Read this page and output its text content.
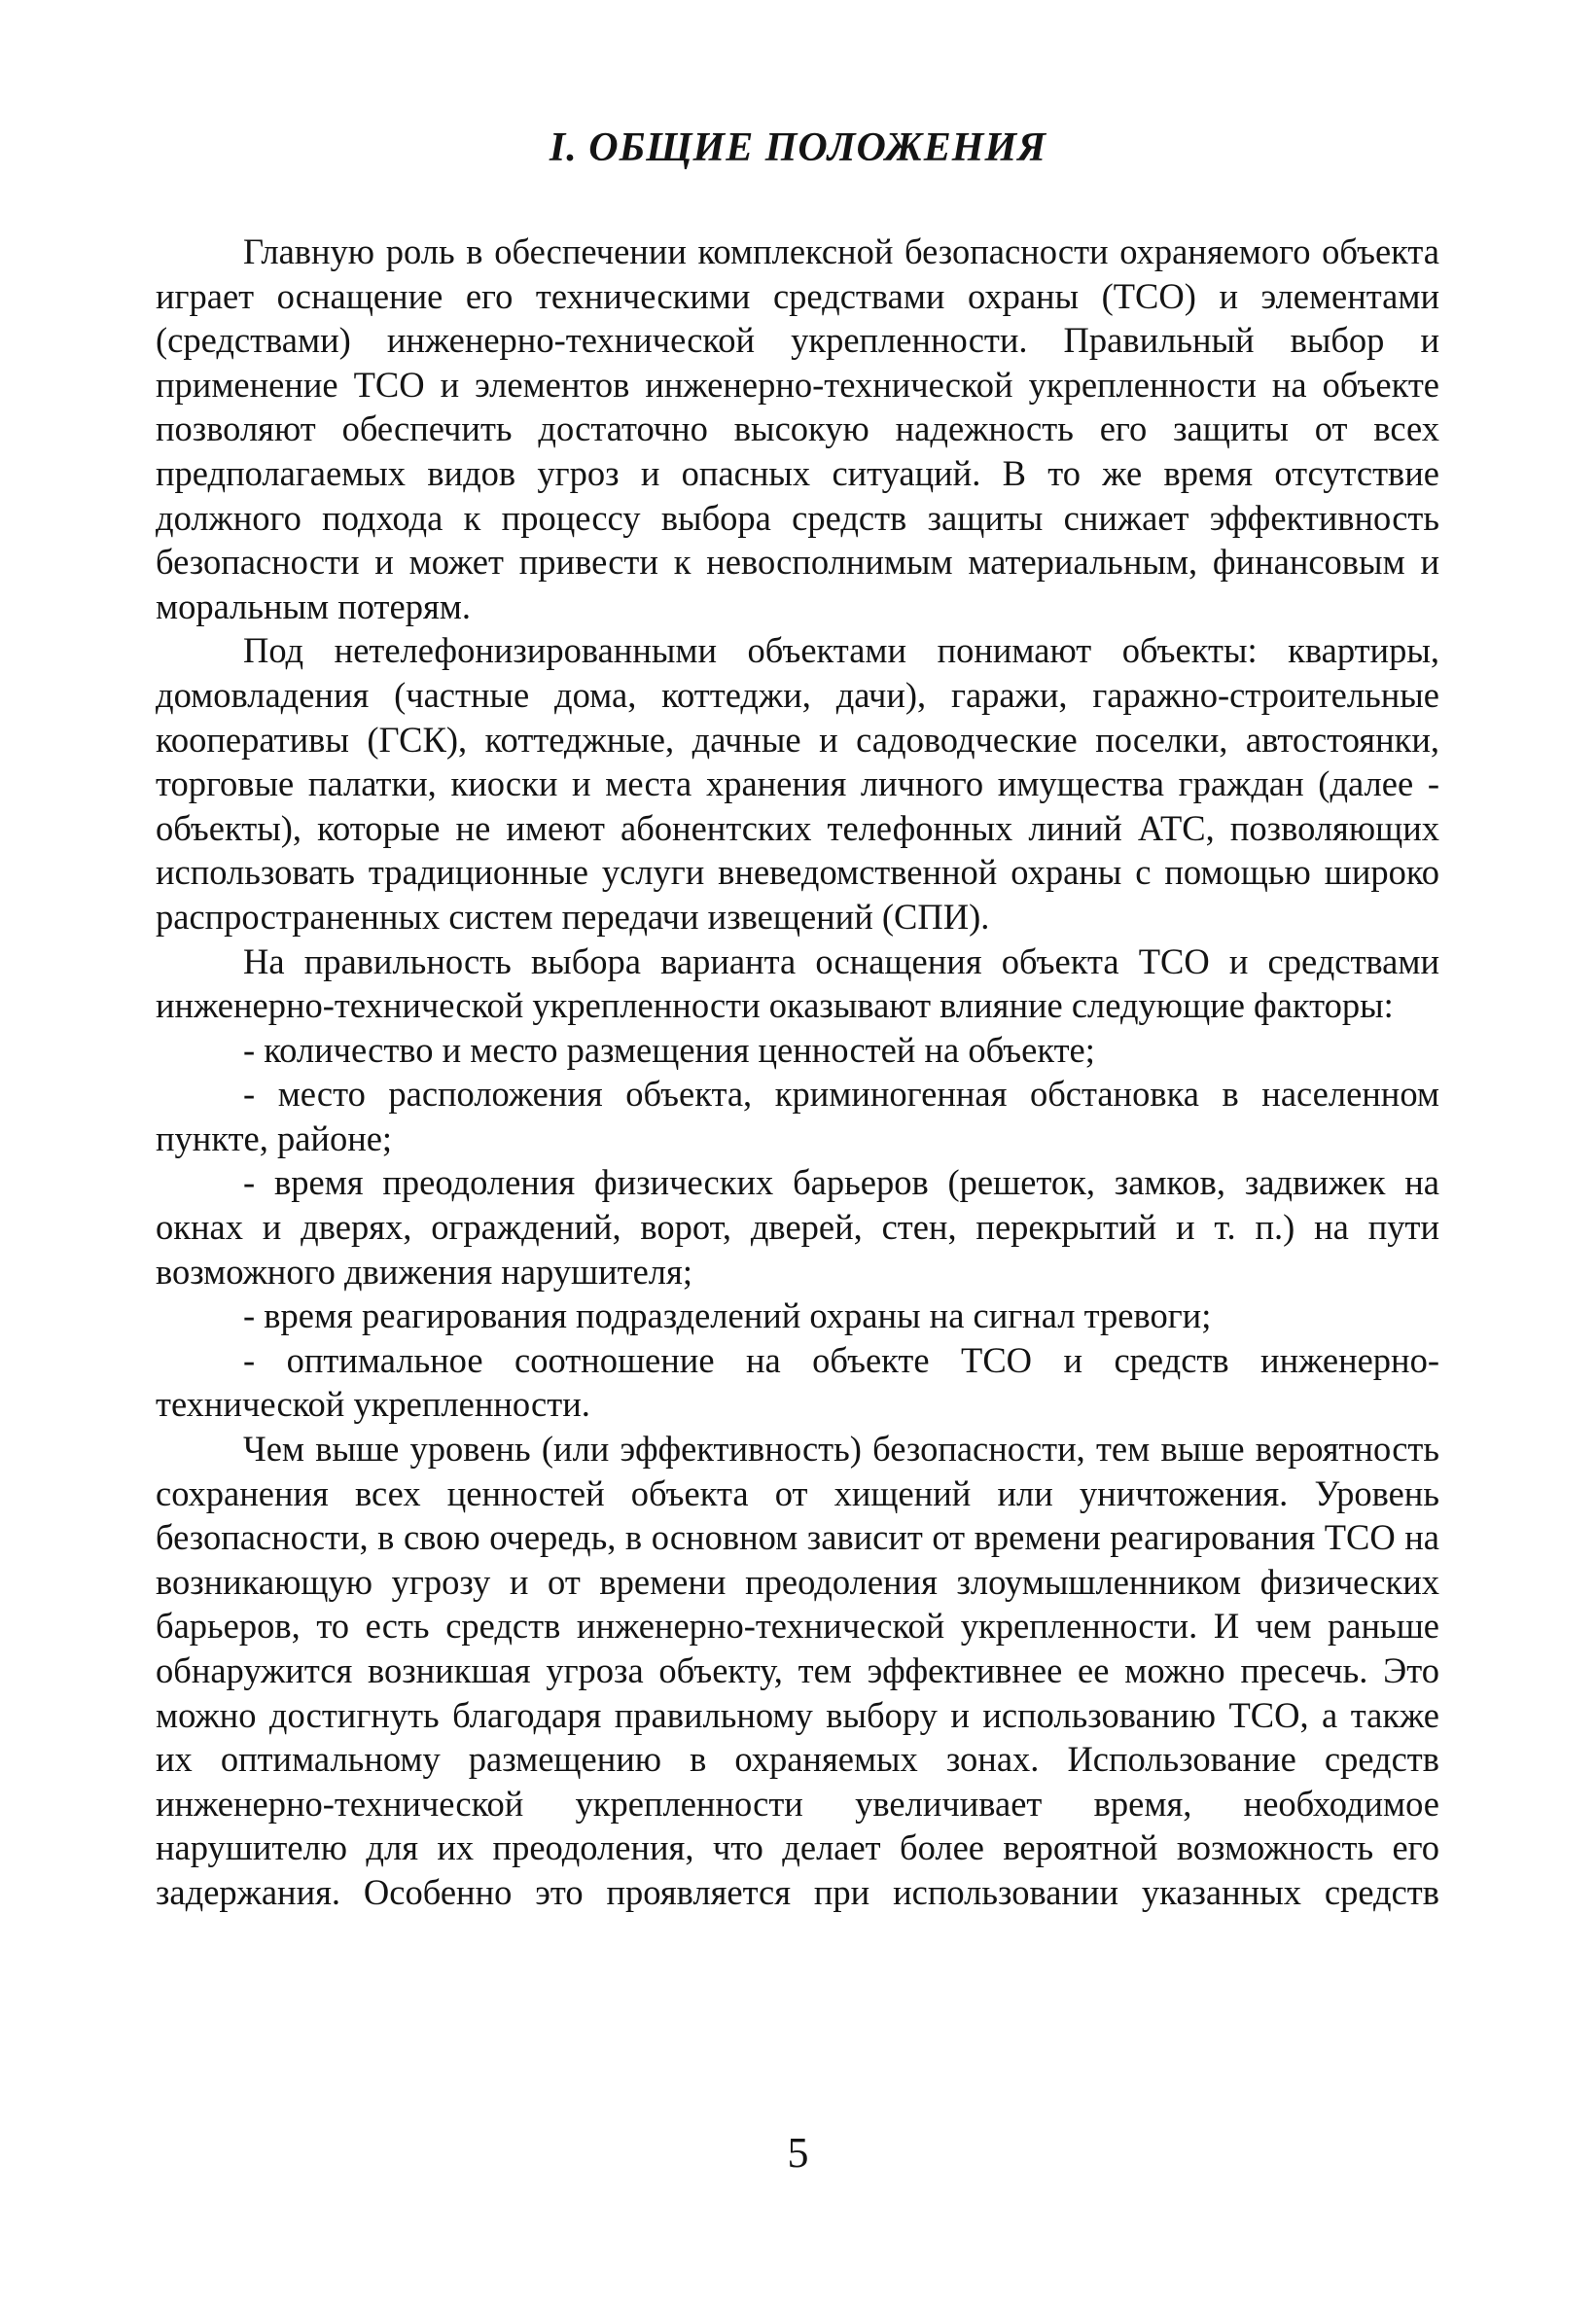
I. ОБЩИЕ ПОЛОЖЕНИЯ

Главную роль в обеспечении комплексной безопасности охраняемого объекта играет оснащение его техническими средствами охраны (ТСО) и элементами (средствами) инженерно-технической укрепленности. Правильный выбор и применение ТСО и элементов инженерно-технической укрепленности на объекте позволяют обеспечить достаточно высокую надежность его защиты от всех предполагаемых видов угроз и опасных ситуаций. В то же время отсутствие должного подхода к процессу выбора средств защиты снижает эффективность безопасности и может привести к невосполнимым материальным, финансовым и моральным потерям.

Под нетелефонизированными объектами понимают объекты: квартиры, домовладения (частные дома, коттеджи, дачи), гаражи, гаражно-строительные кооперативы (ГСК), коттеджные, дачные и садоводческие поселки, автостоянки, торговые палатки, киоски и места хранения личного имущества граждан (далее - объекты), которые не имеют абонентских телефонных линий АТС, позволяющих использовать традиционные услуги вневедомственной охраны с помощью широко распространенных систем передачи извещений (СПИ).

На правильность выбора варианта оснащения объекта ТСО и средствами инженерно-технической укрепленности оказывают влияние следующие факторы:

- количество и место размещения ценностей на объекте;

- место расположения объекта, криминогенная обстановка в населенном пункте, районе;

- время преодоления физических барьеров (решеток, замков, задвижек на окнах и дверях, ограждений, ворот, дверей, стен, перекрытий и т. п.) на пути возможного движения нарушителя;

- время реагирования подразделений охраны на сигнал тревоги;

- оптимальное соотношение на объекте ТСО и средств инженерно-технической укрепленности.

Чем выше уровень (или эффективность) безопасности, тем выше вероятность сохранения всех ценностей объекта от хищений или уничтожения. Уровень безопасности, в свою очередь, в основном зависит от времени реагирования ТСО на возникающую угрозу и от времени преодоления злоумышленником физических барьеров, то есть средств инженерно-технической укрепленности. И чем раньше обнаружится возникшая угроза объекту, тем эффективнее ее можно пресечь. Это можно достигнуть благодаря правильному выбору и использованию ТСО, а также их оптимальному размещению в охраняемых зонах. Использование средств инженерно-технической укрепленности увеличивает время, необходимое нарушителю для их преодоления, что делает более вероятной возможность его задержания. Особенно это проявляется при использовании указанных средств

5
